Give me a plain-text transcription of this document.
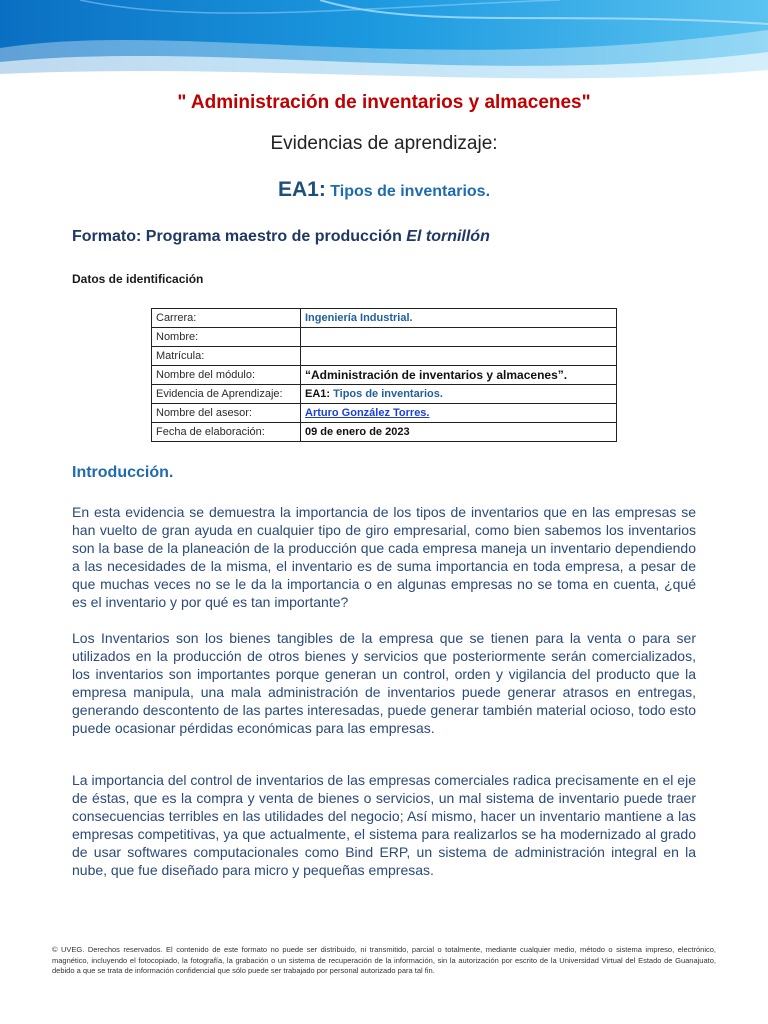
" Administración de inventarios y almacenes"
Evidencias de aprendizaje:
EA1: Tipos de inventarios.
Formato: Programa maestro de producción El tornillón
Datos de identificación
Carrera:	Ingeniería Industrial.
Nombre:	
Matrícula:	
Nombre del módulo:	“Administración de inventarios y almacenes”.
Evidencia de Aprendizaje:	EA1: Tipos de inventarios.
Nombre del asesor:	Arturo González Torres.
Fecha de elaboración:	09 de enero de 2023
Introducción.

En esta evidencia se demuestra la importancia de los tipos de inventarios que en las empresas se han vuelto de gran ayuda en cualquier tipo de giro empresarial, como bien sabemos los inventarios son la base de la planeación de la producción que cada empresa maneja un inventario dependiendo a las necesidades de la misma, el inventario es de suma importancia en toda empresa, a pesar de que muchas veces no se le da la importancia o en algunas empresas no se toma en cuenta, ¿qué es el inventario y por qué es tan importante?

Los Inventarios son los bienes tangibles de la empresa que se tienen para la venta o para ser utilizados en la producción de otros bienes y servicios que posteriormente serán comercializados, los inventarios son importantes porque generan un control, orden y vigilancia del producto que la empresa manipula, una mala administración de inventarios puede generar atrasos en entregas, generando descontento de las partes interesadas, puede generar también material ocioso, todo esto puede ocasionar pérdidas económicas para las empresas.

La importancia del control de inventarios de las empresas comerciales radica precisamente en el eje de éstas, que es la compra y venta de bienes o servicios, un mal sistema de inventario puede traer consecuencias terribles en las utilidades del negocio; Así mismo, hacer un inventario mantiene a las empresas competitivas, ya que actualmente, el sistema para realizarlos se ha modernizado al grado de usar softwares computacionales como Bind ERP, un sistema de administración integral en la nube, que fue diseñado para micro y pequeñas empresas.

© UVEG. Derechos reservados. El contenido de este formato no puede ser distribuido, ni transmitido, parcial o totalmente, mediante cualquier medio, método o sistema impreso, electrónico, magnético, incluyendo el fotocopiado, la fotografía, la grabación o un sistema de recuperación de la información, sin la autorización por escrito de la Universidad Virtual del Estado de Guanajuato, debido a que se trata de información confidencial que sólo puede ser trabajado por personal autorizado para tal fin.
